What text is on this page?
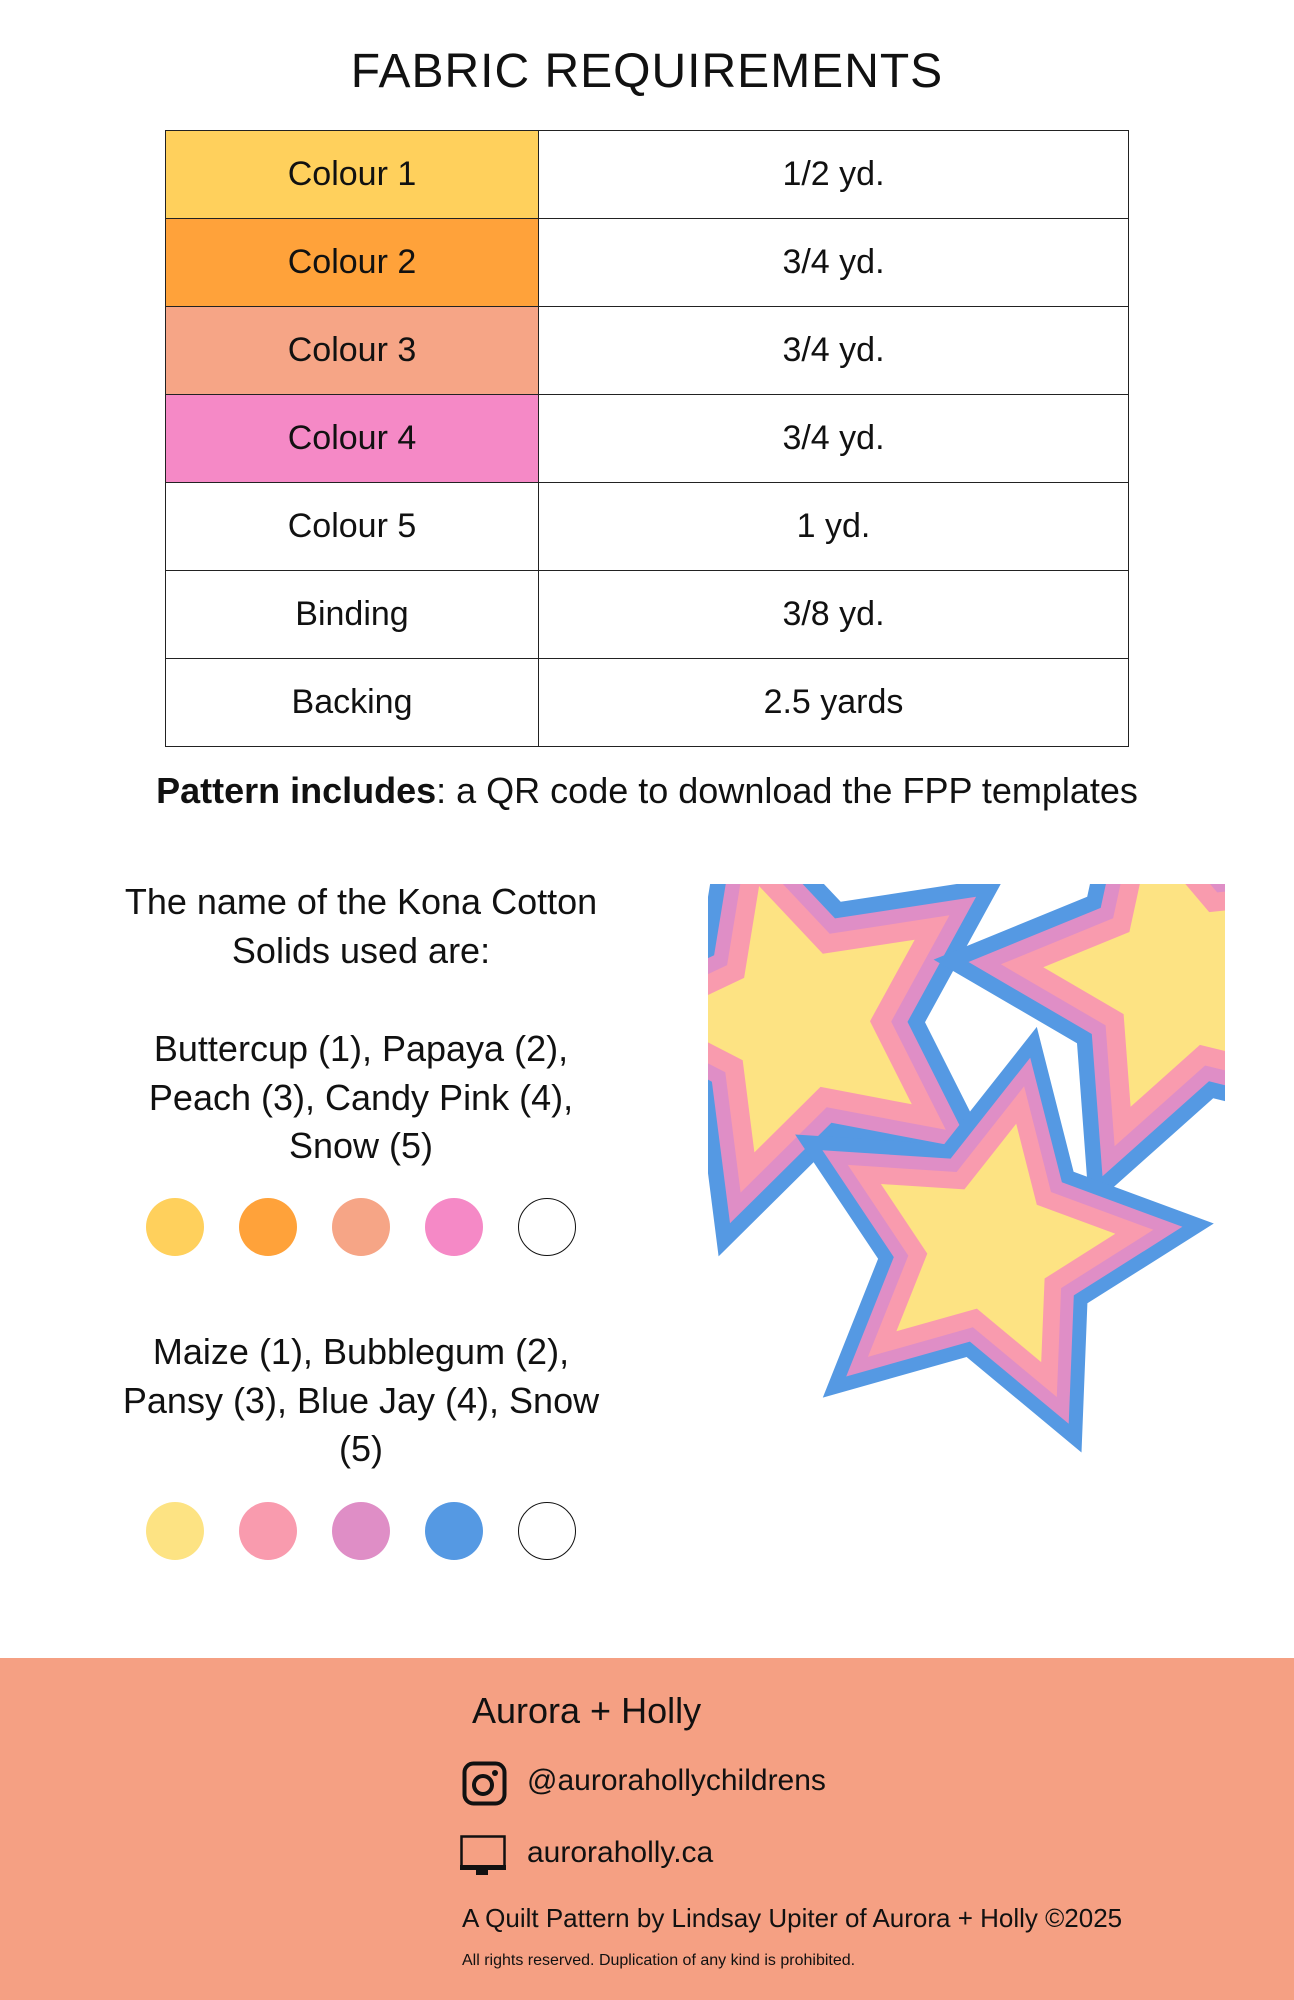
FABRIC REQUIREMENTS
Colour 1	1/2 yd.
Colour 2	3/4 yd.
Colour 3	3/4 yd.
Colour 4	3/4 yd.
Colour 5	1 yd.
Binding	3/8 yd.
Backing	2.5 yards
Pattern includes: a QR code to download the FPP templates
The name of the Kona Cotton
Solids used are:
Buttercup (1), Papaya (2),
Peach (3), Candy Pink (4),
Snow (5)
Maize (1), Bubblegum (2),
Pansy (3), Blue Jay (4), Snow
(5)
Aurora + Holly
@aurorahollychildrens
auroraholly.ca
A Quilt Pattern by Lindsay Upiter of Aurora + Holly ©2025
All rights reserved. Duplication of any kind is prohibited.
